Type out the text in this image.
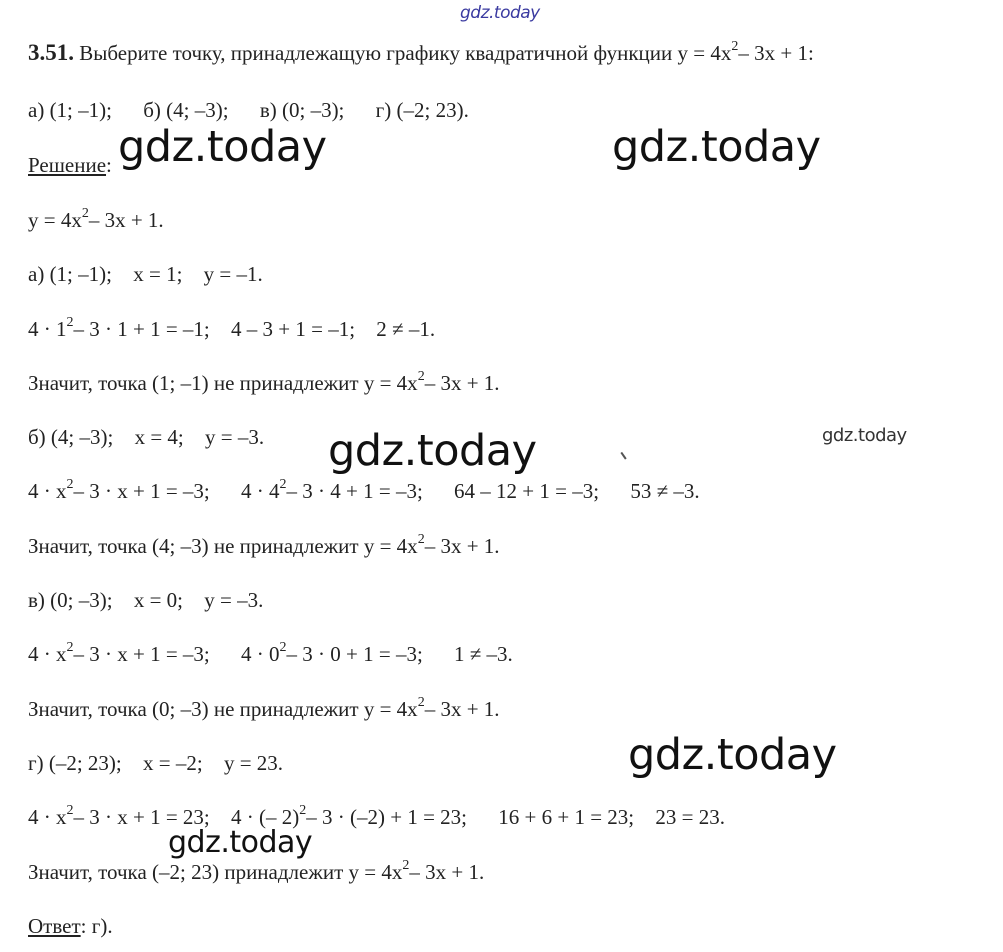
gdz.today
gdz.today	gdz.today
gdz.today	gdz.today
gdz.today
gdz.today
3.51. Выберите точку, принадлежащую графику квадратичной функции $y = 4x^2-$ 3x + 1:
а) (1; –1); б) (4; –3); в) (0; –3); г) (–2; 23).
Решение:
$y = 4x^2-$ 3x + 1.
а) (1; –1); x = 1; y = –1.
$4 \cdot 1^2-$ 3 · 1 + 1 = –1; 4 – 3 + 1 = –1; 2 ≠ –1.
Значит, точка (1; –1) не принадлежит $y = 4x^2-$ 3x + 1.
б) (4; –3); x = 4; y = –3.
$4 \cdot x^2-$ 3 · x + 1 = –3; $4 \cdot 4^2-$ 3 · 4 + 1 = –3; 64 – 12 + 1 = –3; 53 ≠ –3.
Значит, точка (4; –3) не принадлежит $y = 4x^2-$ 3x + 1.
в) (0; –3); x = 0; y = –3.
$4 \cdot x^2-$ 3 · x + 1 = –3; $4 \cdot 0^2-$ 3 · 0 + 1 = –3; 1 ≠ –3.
Значит, точка (0; –3) не принадлежит $y = 4x^2-$ 3x + 1.
г) (–2; 23); x = –2; y = 23.
$4 \cdot x^2-$ 3 · x + 1 = 23; 4 · (– 2)$^2$– 3 · (–2) + 1 = 23; 16 + 6 + 1 = 23; 23 = 23.
Значит, точка (–2; 23) принадлежит $y = 4x^2-$ 3x + 1.
Ответ: г).
